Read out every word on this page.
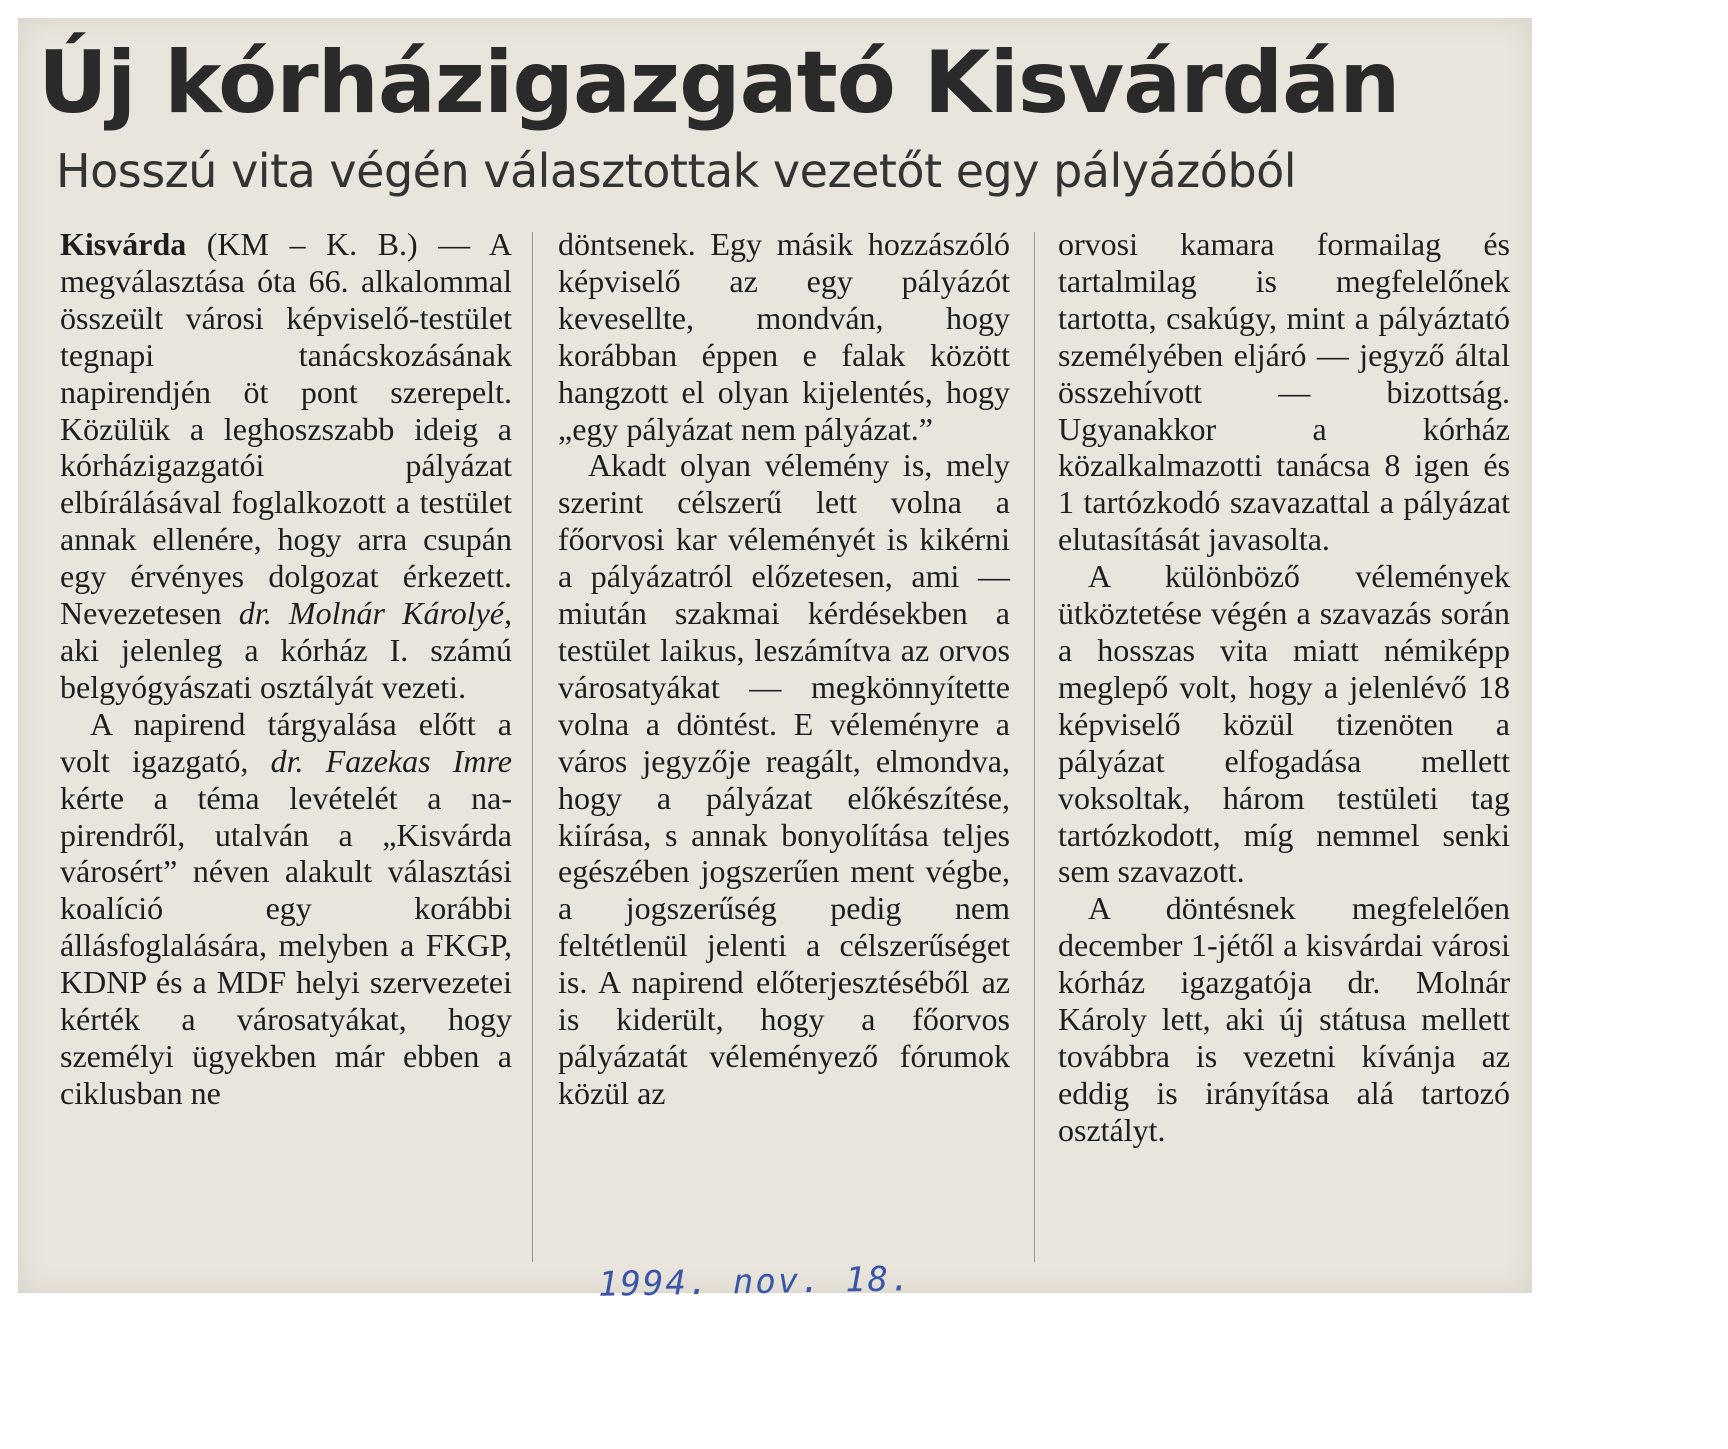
Új kórházigazgató Kisvárdán
Hosszú vita végén választottak vezetőt egy pályázóból

Kisvárda (KM – K. B.) — A megválasztása óta 66. alkalommal összeült városi képviselő-testület tegnapi tanácskozásának napirendjén öt pont szerepelt. Közülük a leghoszszabb ideig a kórházigazgatói pályázat elbírálásával foglalkozott a testület annak ellenére, hogy arra csupán egy érvényes dolgozat érkezett. Nevezetesen dr. Molnár Károlyé, aki jelenleg a kórház I. számú belgyógyászati osztályát vezeti.

A napirend tárgyalása előtt a volt igazgató, dr. Fazekas Imre kérte a téma levételét a napirendről, utalván a „Kisvárda városért” néven alakult választási koalíció egy korábbi állásfoglalására, melyben a FKGP, KDNP és a MDF helyi szervezetei kérték a városatyákat, hogy személyi ügyekben már ebben a ciklusban ne

döntsenek. Egy másik hozzászóló képviselő az egy pályázót kevesellte, mondván, hogy korábban éppen e falak között hangzott el olyan kijelentés, hogy „egy pályázat nem pályázat.”

Akadt olyan vélemény is, mely szerint célszerű lett volna a főorvosi kar véleményét is kikérni a pályázatról előzetesen, ami — miután szakmai kérdésekben a testület laikus, leszámítva az orvos városatyákat — megkönnyítette volna a döntést. E véleményre a város jegyzője reagált, elmondva, hogy a pályázat előkészítése, kiírása, s annak bonyolítása teljes egészében jogszerűen ment végbe, a jogszerűség pedig nem feltétlenül jelenti a célszerűséget is. A napirend előterjesztéséből az is kiderült, hogy a főorvos pályázatát véleményező fórumok közül az

orvosi kamara formailag és tartalmilag is megfelelőnek tartotta, csakúgy, mint a pályáztató személyében eljáró — jegyző által összehívott — bizottság. Ugyanakkor a kórház közalkalmazotti tanácsa 8 igen és 1 tartózkodó szavazattal a pályázat elutasítását javasolta.

A különböző vélemények ütköztetése végén a szavazás során a hosszas vita miatt némiképp meglepő volt, hogy a jelenlévő 18 képviselő közül tizenöten a pályázat elfogadása mellett voksoltak, három testületi tag tartózkodott, míg nemmel senki sem szavazott.

A döntésnek megfelelően december 1-jétől a kisvárdai városi kórház igazgatója dr. Molnár Károly lett, aki új státusa mellett továbbra is vezetni kívánja az eddig is irányítása alá tartozó osztályt.

1994. nov. 18.
